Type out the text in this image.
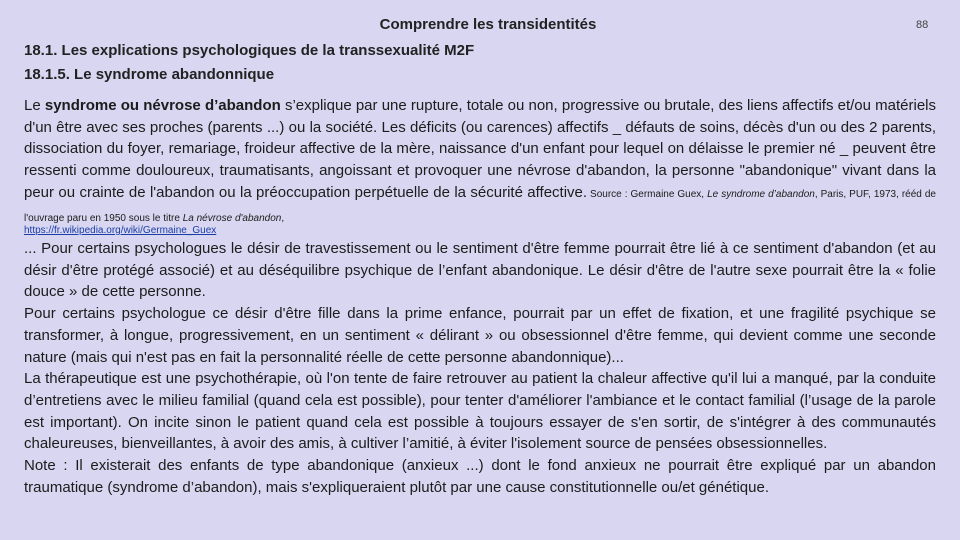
Comprendre les transidentités	88
18.1. Les explications psychologiques de la transsexualité M2F
18.1.5. Le syndrome abandonnique
Le syndrome ou névrose d’abandon s’explique par une rupture, totale ou non, progressive ou brutale, des liens affectifs et/ou matériels d'un être avec ses proches (parents ...) ou la société. Les déficits (ou carences) affectifs _ défauts de soins, décès d'un ou des 2 parents, dissociation du foyer, remariage, froideur affective de la mère, naissance d'un enfant pour lequel on délaisse le premier né _ peuvent être ressenti comme douloureux, traumatisants, angoissant et provoquer une névrose d'abandon, la personne "abandonique" vivant dans la peur ou crainte de l'abandon ou la préoccupation perpétuelle de la sécurité affective. Source : Germaine Guex, Le syndrome d’abandon, Paris, PUF, 1973, rééd de l'ouvrage paru en 1950 sous le titre La névrose d'abandon,
https://fr.wikipedia.org/wiki/Germaine_Guex
... Pour certains psychologues le désir de travestissement ou le sentiment d'être femme pourrait être lié à ce sentiment d'abandon (et au désir d'être protégé associé) et au déséquilibre psychique de l’enfant abandonique. Le désir d'être de l'autre sexe pourrait être la « folie douce » de cette personne.
Pour certains psychologue ce désir d'être fille dans la prime enfance, pourrait par un effet de fixation, et une fragilité psychique se transformer, à longue, progressivement, en un sentiment « délirant » ou obsessionnel d'être femme, qui devient comme une seconde nature (mais qui n'est pas en fait la personnalité réelle de cette personne abandonnique)...
La thérapeutique est une psychothérapie, où l'on tente de faire retrouver au patient la chaleur affective qu'il lui a manqué, par la conduite d’entretiens avec le milieu familial (quand cela est possible), pour tenter d'améliorer l'ambiance et le contact familial (l’usage de la parole est important). On incite sinon le patient quand cela est possible à toujours essayer de s'en sortir, de s'intégrer à des communautés chaleureuses, bienveillantes, à avoir des amis, à cultiver l’amitié, à éviter l'isolement source de pensées obsessionnelles.
Note : Il existerait des enfants de type abandonique (anxieux ...) dont le fond anxieux ne pourrait être expliqué par un abandon traumatique (syndrome d’abandon), mais s'expliqueraient plutôt par une cause constitutionnelle ou/et génétique.
